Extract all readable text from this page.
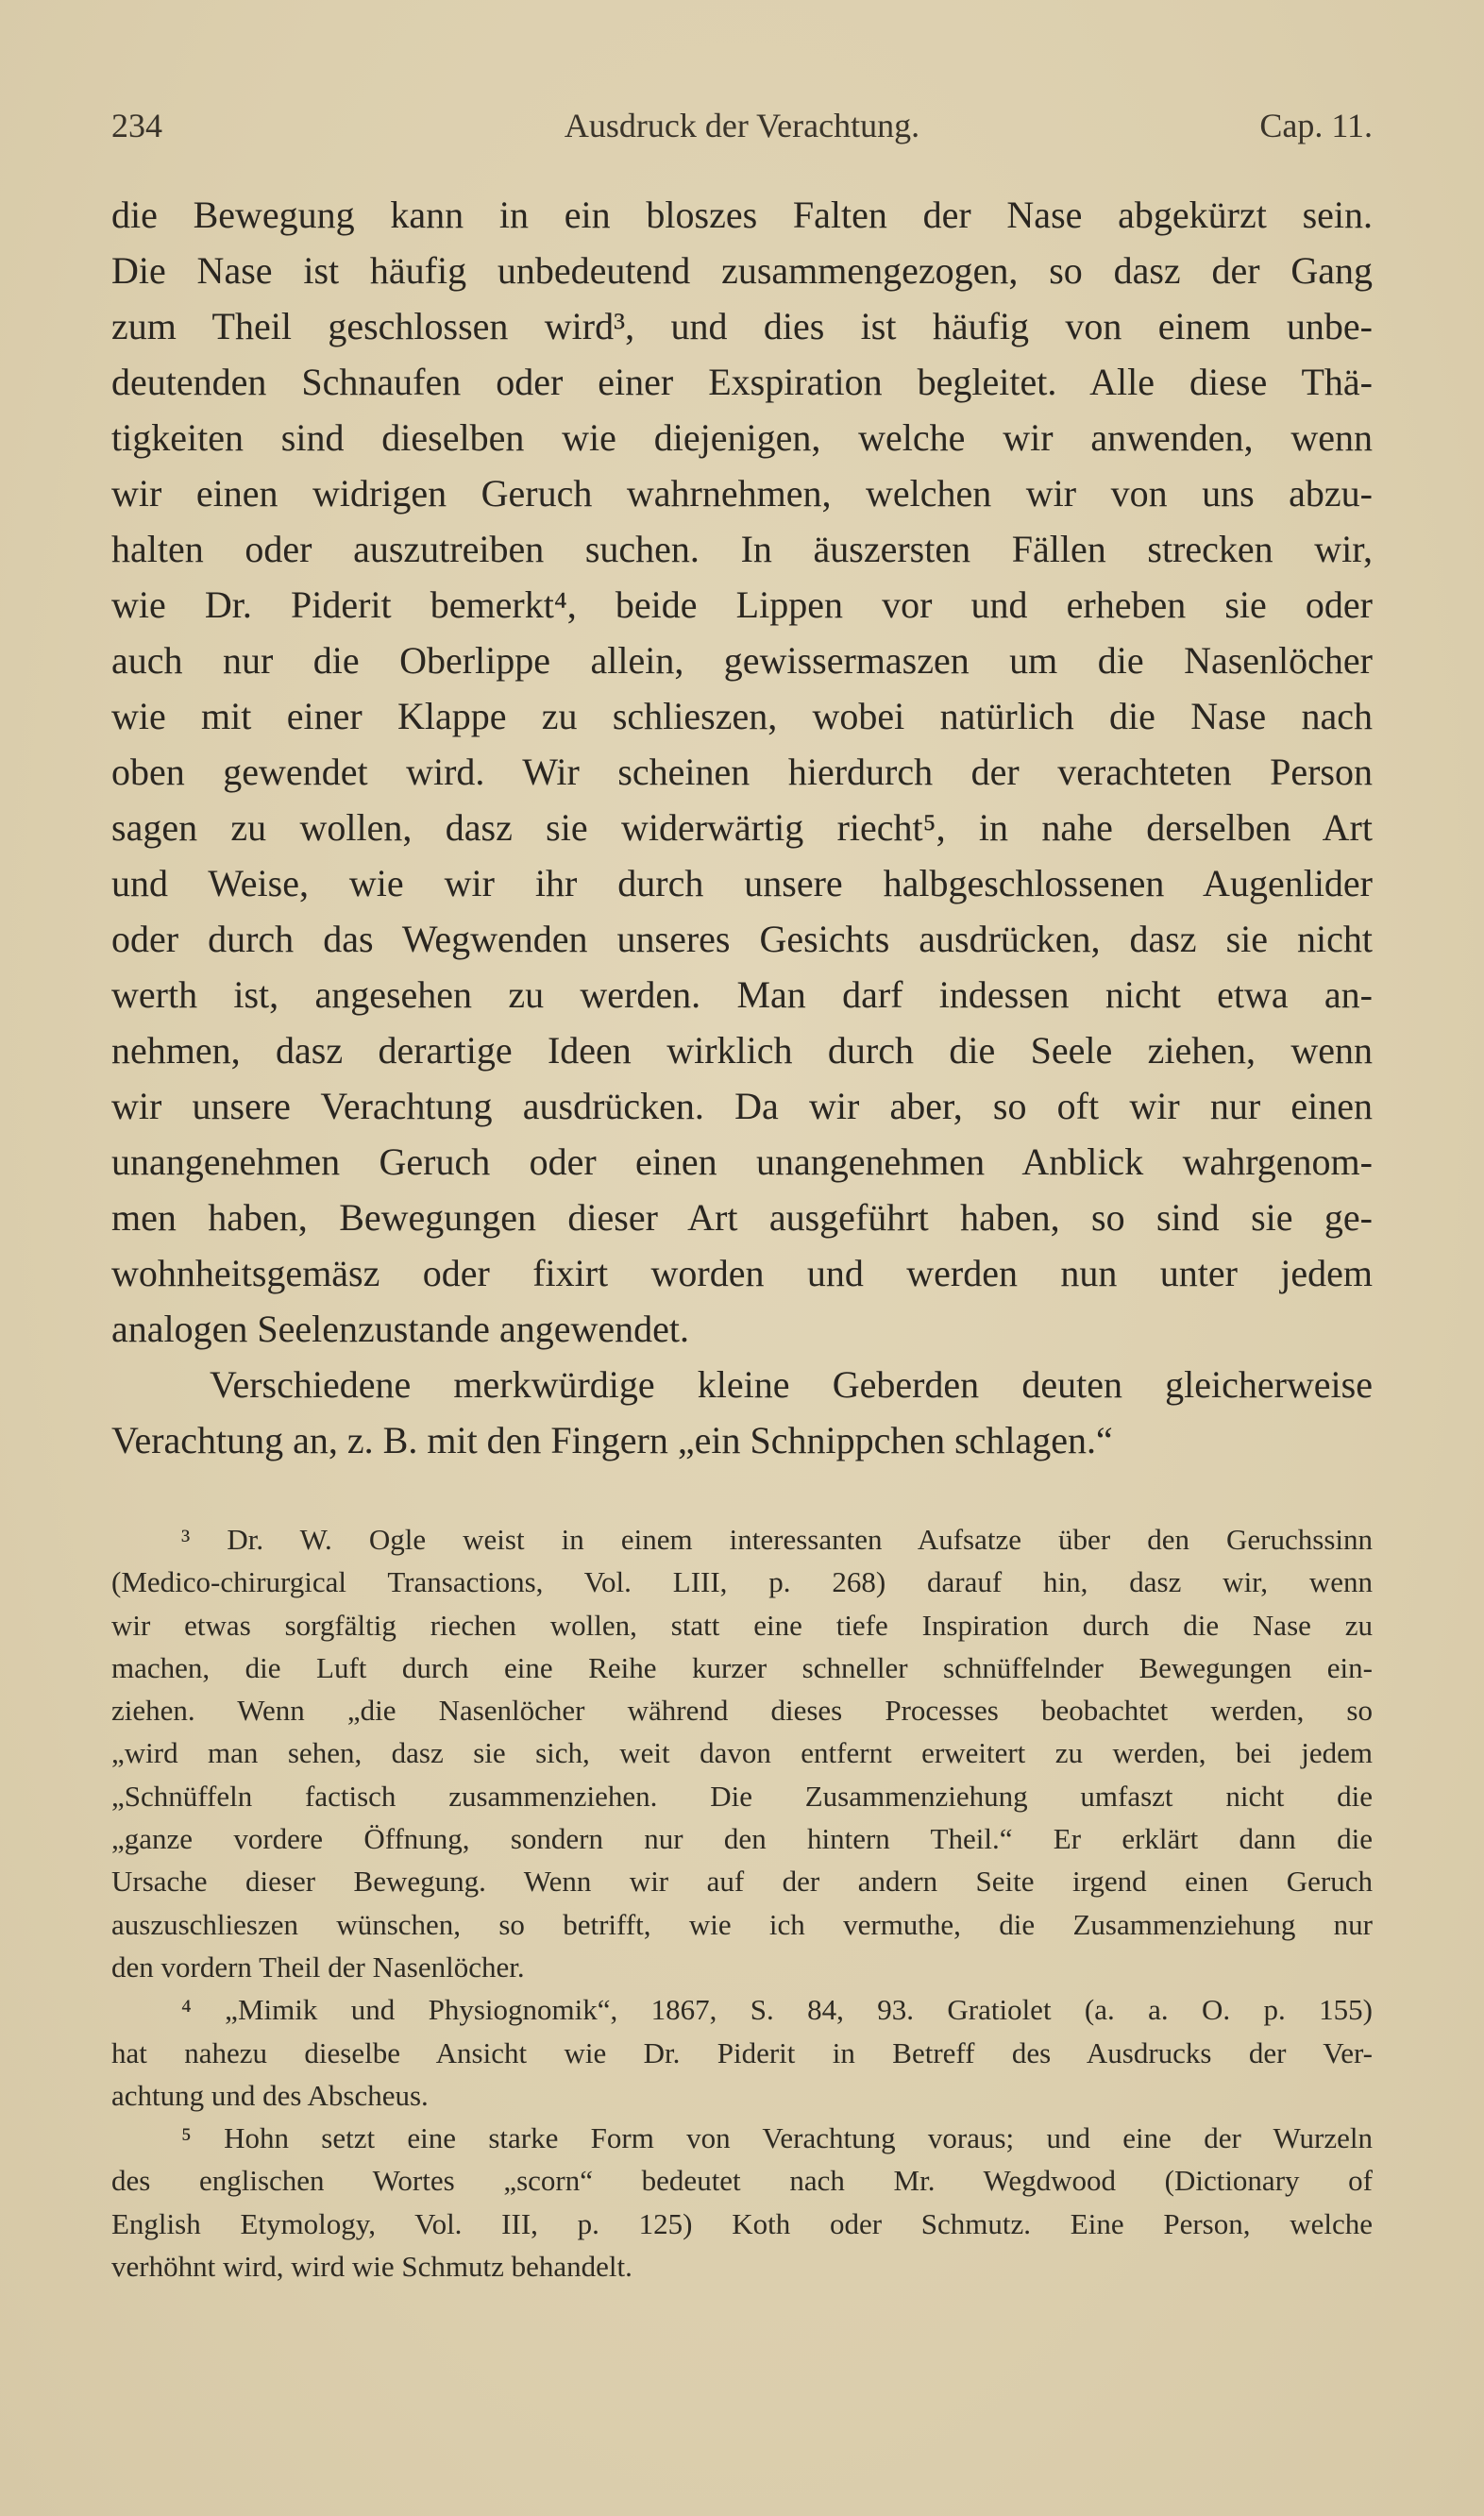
234	Ausdruck der Verachtung.	Cap. 11.
die Bewegung kann in ein bloszes Falten der Nase abgekürzt sein.
Die Nase ist häufig unbedeutend zusammengezogen, so dasz der Gang
zum Theil geschlossen wird³, und dies ist häufig von einem unbe-
deutenden Schnaufen oder einer Exspiration begleitet. Alle diese Thä-
tigkeiten sind dieselben wie diejenigen, welche wir anwenden, wenn
wir einen widrigen Geruch wahrnehmen, welchen wir von uns abzu-
halten oder auszutreiben suchen. In äuszersten Fällen strecken wir,
wie Dr. Piderit bemerkt⁴, beide Lippen vor und erheben sie oder
auch nur die Oberlippe allein, gewissermaszen um die Nasenlöcher
wie mit einer Klappe zu schlieszen, wobei natürlich die Nase nach
oben gewendet wird. Wir scheinen hierdurch der verachteten Person
sagen zu wollen, dasz sie widerwärtig riecht⁵, in nahe derselben Art
und Weise, wie wir ihr durch unsere halbgeschlossenen Augenlider
oder durch das Wegwenden unseres Gesichts ausdrücken, dasz sie nicht
werth ist, angesehen zu werden. Man darf indessen nicht etwa an-
nehmen, dasz derartige Ideen wirklich durch die Seele ziehen, wenn
wir unsere Verachtung ausdrücken. Da wir aber, so oft wir nur einen
unangenehmen Geruch oder einen unangenehmen Anblick wahrgenom-
men haben, Bewegungen dieser Art ausgeführt haben, so sind sie ge-
wohnheitsgemäsz oder fixirt worden und werden nun unter jedem
analogen Seelenzustande angewendet.
Verschiedene merkwürdige kleine Geberden deuten gleicherweise
Verachtung an, z. B. mit den Fingern „ein Schnippchen schlagen.“
³ Dr. W. Ogle weist in einem interessanten Aufsatze über den Geruchssinn
(Medico-chirurgical Transactions, Vol. LIII, p. 268) darauf hin, dasz wir, wenn
wir etwas sorgfältig riechen wollen, statt eine tiefe Inspiration durch die Nase zu
machen, die Luft durch eine Reihe kurzer schneller schnüffelnder Bewegungen ein-
ziehen. Wenn „die Nasenlöcher während dieses Processes beobachtet werden, so
„wird man sehen, dasz sie sich, weit davon entfernt erweitert zu werden, bei jedem
„Schnüffeln factisch zusammenziehen. Die Zusammenziehung umfaszt nicht die
„ganze vordere Öffnung, sondern nur den hintern Theil.“ Er erklärt dann die
Ursache dieser Bewegung. Wenn wir auf der andern Seite irgend einen Geruch
auszuschlieszen wünschen, so betrifft, wie ich vermuthe, die Zusammenziehung nur
den vordern Theil der Nasenlöcher.
⁴ „Mimik und Physiognomik“, 1867, S. 84, 93. Gratiolet (a. a. O. p. 155)
hat nahezu dieselbe Ansicht wie Dr. Piderit in Betreff des Ausdrucks der Ver-
achtung und des Abscheus.
⁵ Hohn setzt eine starke Form von Verachtung voraus; und eine der Wurzeln
des englischen Wortes „scorn“ bedeutet nach Mr. Wegdwood (Dictionary of
English Etymology, Vol. III, p. 125) Koth oder Schmutz. Eine Person, welche
verhöhnt wird, wird wie Schmutz behandelt.
